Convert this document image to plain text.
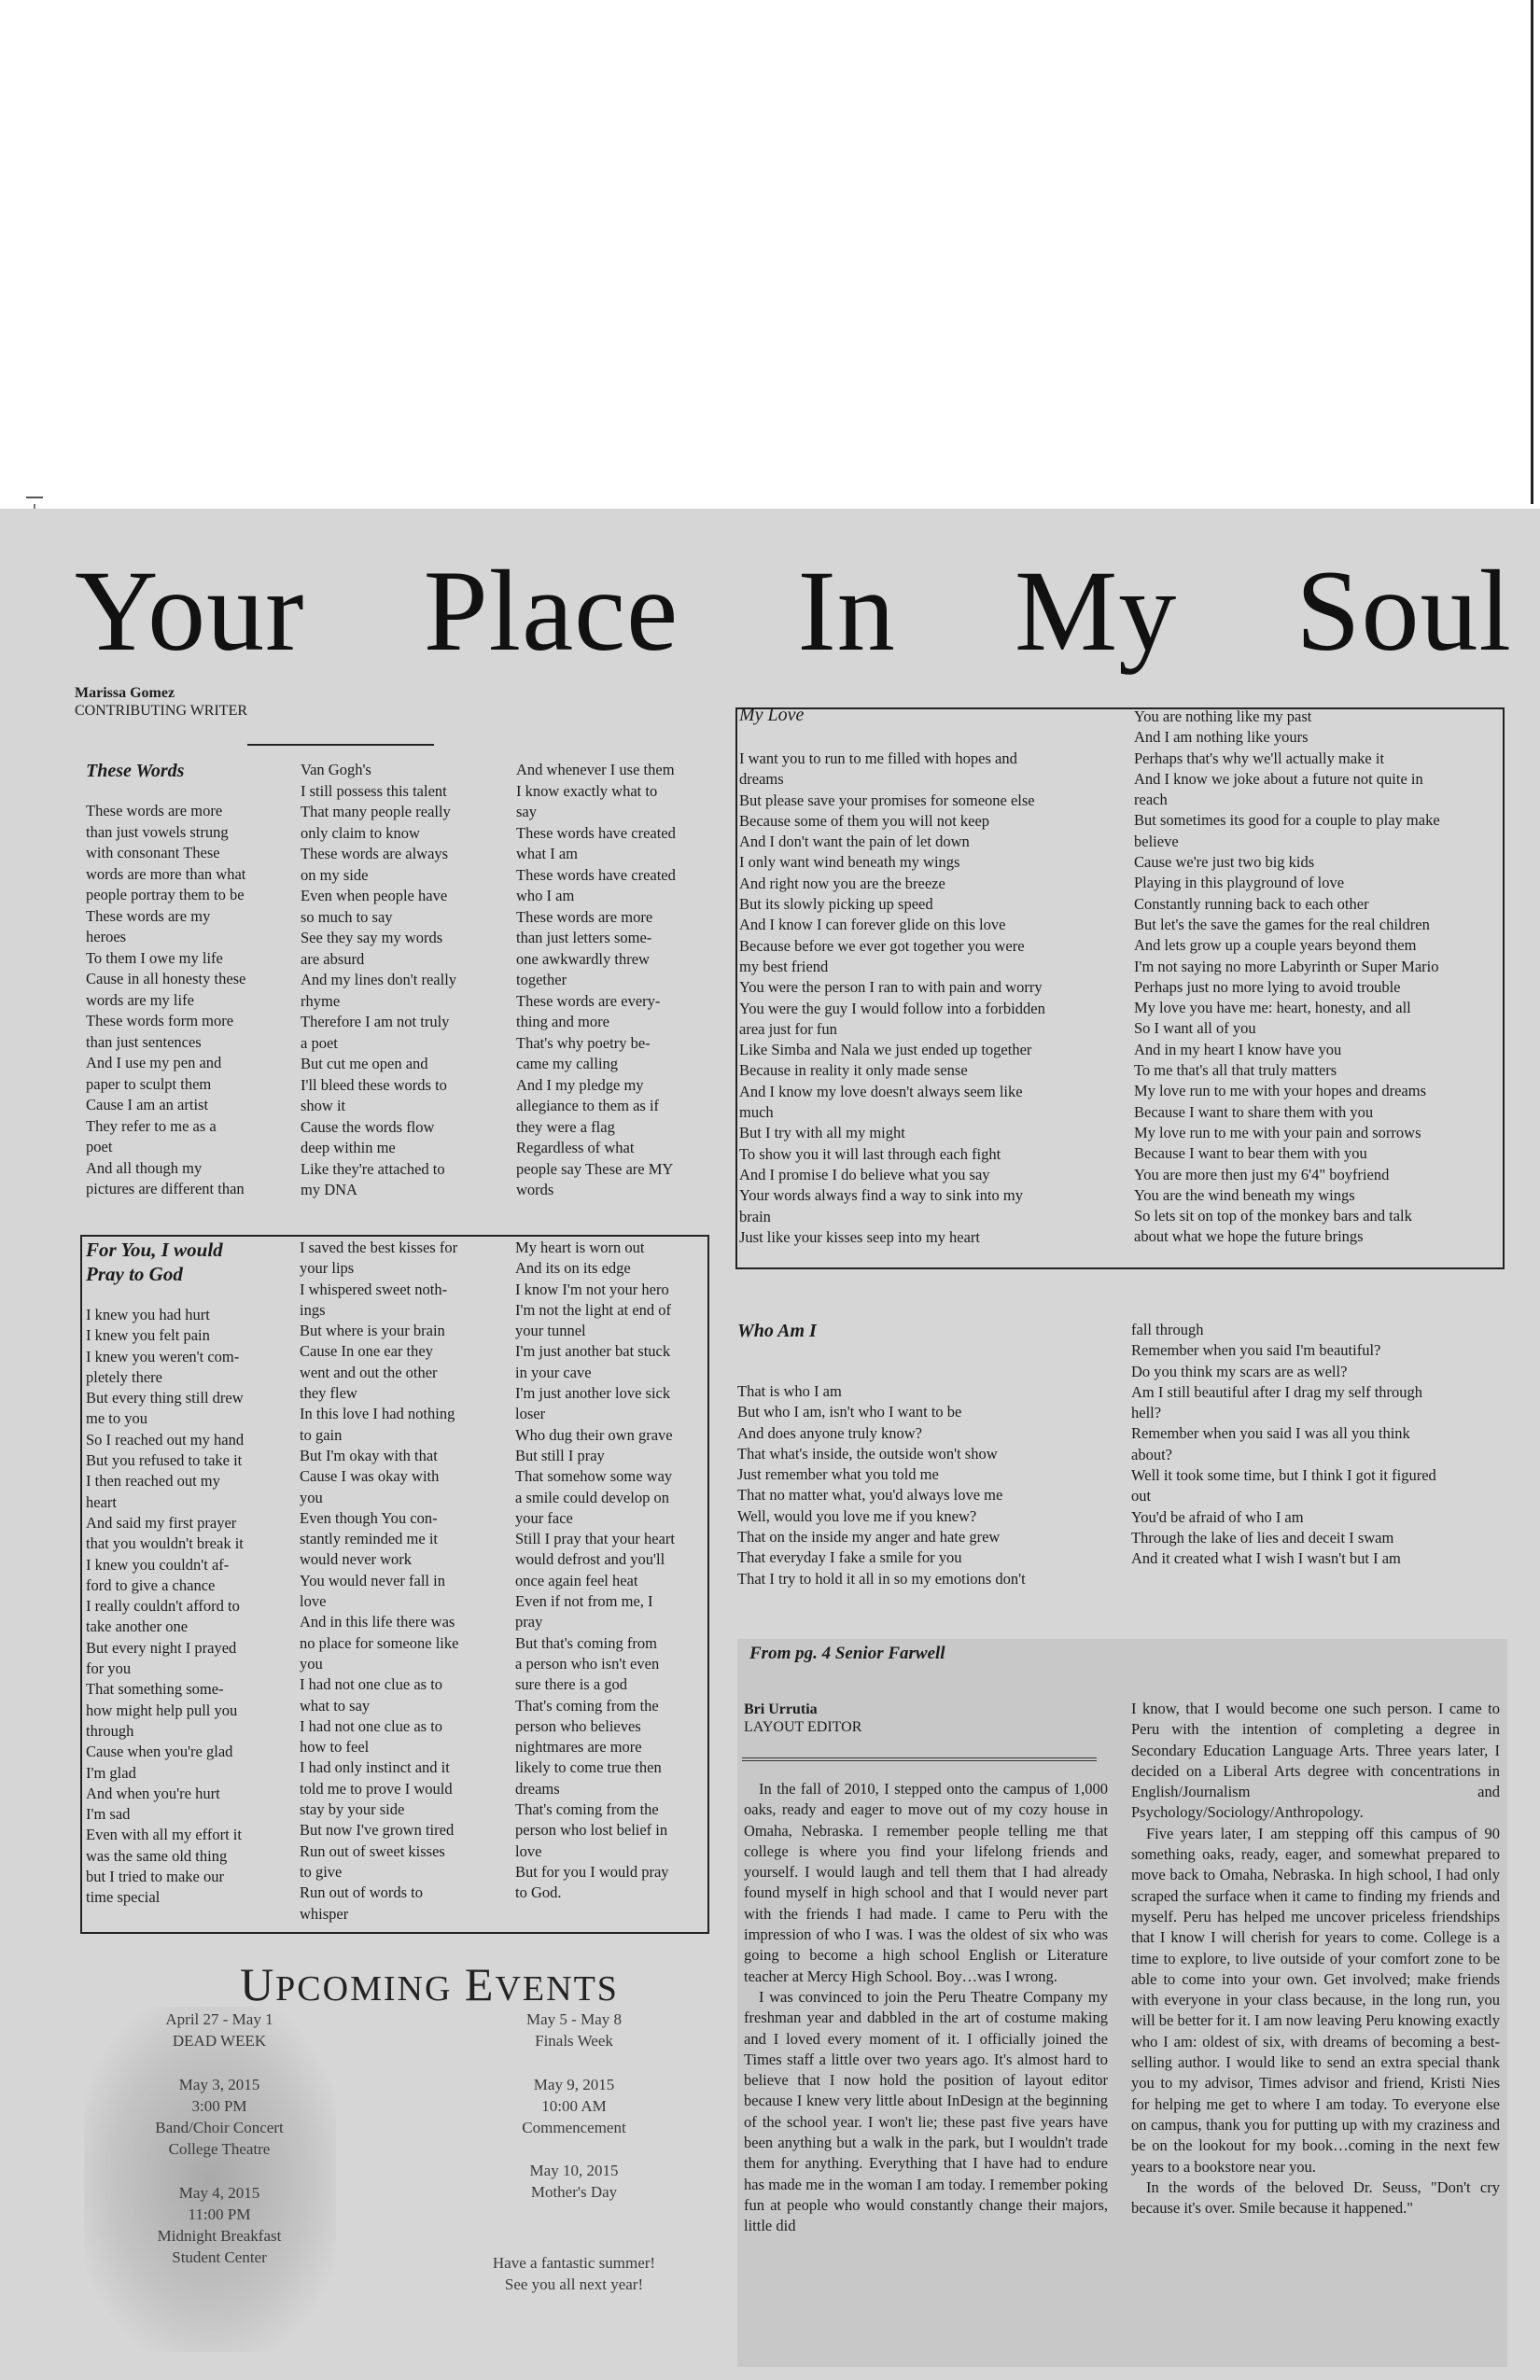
Your Place In My Soul
Marissa Gomez
CONTRIBUTING WRITER
These Words
These words are more
than just vowels strung
with consonant These
words are more than what
people portray them to be
These words are my
heroes
To them I owe my life
Cause in all honesty these
words are my life
These words form more
than just sentences
And I use my pen and
paper to sculpt them
Cause I am an artist
They refer to me as a
poet
And all though my
pictures are different than
Van Gogh's
I still possess this talent
That many people really
only claim to know
These words are always
on my side
Even when people have
so much to say
See they say my words
are absurd
And my lines don't really
rhyme
Therefore I am not truly
a poet
But cut me open and
I'll bleed these words to
show it
Cause the words flow
deep within me
Like they're attached to
my DNA
And whenever I use them
I know exactly what to
say
These words have created
what I am
These words have created
who I am
These words are more
than just letters some-
one awkwardly threw
together
These words are every-
thing and more
That's why poetry be-
came my calling
And I my pledge my
allegiance to them as if
they were a flag
Regardless of what
people say These are MY
words
For You, I would
Pray to God
I knew you had hurt
I knew you felt pain
I knew you weren't com-
pletely there
But every thing still drew
me to you
So I reached out my hand
But you refused to take it
I then reached out my
heart
And said my first prayer
that you wouldn't break it
I knew you couldn't af-
ford to give a chance
I really couldn't afford to
take another one
But every night I prayed
for you
That something some-
how might help pull you
through
Cause when you're glad
I'm glad
And when you're hurt
I'm sad
Even with all my effort it
was the same old thing
but I tried to make our
time special
I saved the best kisses for
your lips
I whispered sweet noth-
ings
But where is your brain
Cause In one ear they
went and out the other
they flew
In this love I had nothing
to gain
But I'm okay with that
Cause I was okay with
you
Even though You con-
stantly reminded me it
would never work
You would never fall in
love
And in this life there was
no place for someone like
you
I had not one clue as to
what to say
I had not one clue as to
how to feel
I had only instinct and it
told me to prove I would
stay by your side
But now I've grown tired
Run out of sweet kisses
to give
Run out of words to
whisper
My heart is worn out
And its on its edge
I know I'm not your hero
I'm not the light at end of
your tunnel
I'm just another bat stuck
in your cave
I'm just another love sick
loser
Who dug their own grave
But still I pray
That somehow some way
a smile could develop on
your face
Still I pray that your heart
would defrost and you'll
once again feel heat
Even if not from me, I
pray
But that's coming from
a person who isn't even
sure there is a god
That's coming from the
person who believes
nightmares are more
likely to come true then
dreams
That's coming from the
person who lost belief in
love
But for you I would pray
to God.
My Love
I want you to run to me filled with hopes and
dreams
But please save your promises for someone else
Because some of them you will not keep
And I don't want the pain of let down
I only want wind beneath my wings
And right now you are the breeze
But its slowly picking up speed
And I know I can forever glide on this love
Because before we ever got together you were
my best friend
You were the person I ran to with pain and worry
You were the guy I would follow into a forbidden
area just for fun
Like Simba and Nala we just ended up together
Because in reality it only made sense
And I know my love doesn't always seem like
much
But I try with all my might
To show you it will last through each fight
And I promise I do believe what you say
Your words always find a way to sink into my
brain
Just like your kisses seep into my heart
You are nothing like my past
And I am nothing like yours
Perhaps that's why we'll actually make it
And I know we joke about a future not quite in
reach
But sometimes its good for a couple to play make
believe
Cause we're just two big kids
Playing in this playground of love
Constantly running back to each other
But let's the save the games for the real children
And lets grow up a couple years beyond them
I'm not saying no more Labyrinth or Super Mario
Perhaps just no more lying to avoid trouble
My love you have me: heart, honesty, and all
So I want all of you
And in my heart I know have you
To me that's all that truly matters
My love run to me with your hopes and dreams
Because I want to share them with you
My love run to me with your pain and sorrows
Because I want to bear them with you
You are more then just my 6'4" boyfriend
You are the wind beneath my wings
So lets sit on top of the monkey bars and talk
about what we hope the future brings
Who Am I
That is who I am
But who I am, isn't who I want to be
And does anyone truly know?
That what's inside, the outside won't show
Just remember what you told me
That no matter what, you'd always love me
Well, would you love me if you knew?
That on the inside my anger and hate grew
That everyday I fake a smile for you
That I try to hold it all in so my emotions don't
fall through
Remember when you said I'm beautiful?
Do you think my scars are as well?
Am I still beautiful after I drag my self through
hell?
Remember when you said I was all you think
about?
Well it took some time, but I think I got it figured
out
You'd be afraid of who I am
Through the lake of lies and deceit I swam
And it created what I wish I wasn't but I am
UPCOMING EVENTS
April 27 - May 1
DEAD WEEK
May 3, 2015
3:00 PM
Band/Choir Concert
College Theatre
May 4, 2015
11:00 PM
Midnight Breakfast
Student Center
May 5 - May 8
Finals Week
May 9, 2015
10:00 AM
Commencement
May 10, 2015
Mother's Day
Have a fantastic summer!
See you all next year!
From pg. 4 Senior Farwell
Bri Urrutia
LAYOUT EDITOR

In the fall of 2010, I stepped onto the campus of 1,000 oaks, ready and eager to move out of my cozy house in Omaha, Nebraska. I remember people telling me that college is where you find your lifelong friends and yourself. I would laugh and tell them that I had already found myself in high school and that I would never part with the friends I had made. I came to Peru with the impression of who I was. I was the oldest of six who was going to become a high school English or Literature teacher at Mercy High School. Boy…was I wrong.

I was convinced to join the Peru Theatre Company my freshman year and dabbled in the art of costume making and I loved every moment of it. I officially joined the Times staff a little over two years ago. It's almost hard to believe that I now hold the position of layout editor because I knew very little about InDesign at the beginning of the school year. I won't lie; these past five years have been anything but a walk in the park, but I wouldn't trade them for anything. Everything that I have had to endure has made me in the woman I am today. I remember poking fun at people who would constantly change their majors, little did

I know, that I would become one such person. I came to Peru with the intention of completing a degree in Secondary Education Language Arts. Three years later, I decided on a Liberal Arts degree with concentrations in English/Journalism and Psychology/Sociology/Anthropology.

Five years later, I am stepping off this campus of 90 something oaks, ready, eager, and somewhat prepared to move back to Omaha, Nebraska. In high school, I had only scraped the surface when it came to finding my friends and myself. Peru has helped me uncover priceless friendships that I know I will cherish for years to come. College is a time to explore, to live outside of your comfort zone to be able to come into your own. Get involved; make friends with everyone in your class because, in the long run, you will be better for it. I am now leaving Peru knowing exactly who I am: oldest of six, with dreams of becoming a best-selling author. I would like to send an extra special thank you to my advisor, Times advisor and friend, Kristi Nies for helping me get to where I am today. To everyone else on campus, thank you for putting up with my craziness and be on the lookout for my book…coming in the next few years to a bookstore near you.

In the words of the beloved Dr. Seuss, "Don't cry because it's over. Smile because it happened."
